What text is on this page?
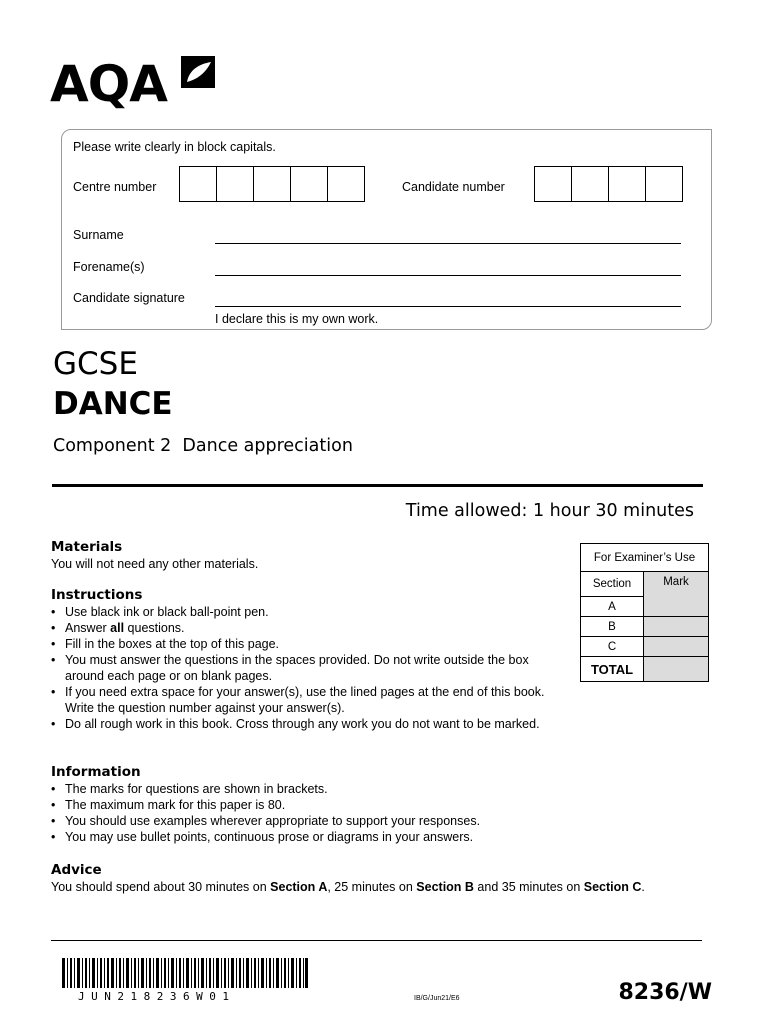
AQA
Please write clearly in block capitals.
Centre number	Candidate number
Surname
Forename(s)
Candidate signature
I declare this is my own work.
GCSE
DANCE
Component 2  Dance appreciation
Time allowed: 1 hour 30 minutes
For Examiner’s Use	
Section	Mark
A	
B	
C	
TOTAL	
Materials

You will not need any other materials.

Instructions
• Use black ink or black ball-point pen.
• Answer all questions.
• Fill in the boxes at the top of this page.
• You must answer the questions in the spaces provided. Do not write outside the box around each page or on blank pages.
• If you need extra space for your answer(s), use the lined pages at the end of this book. Write the question number against your answer(s).
• Do all rough work in this book. Cross through any work you do not want to be marked.
Information
• The marks for questions are shown in brackets.
• The maximum mark for this paper is 80.
• You should use examples wherever appropriate to support your responses.
• You may use bullet points, continuous prose or diagrams in your answers.
Advice

You should spend about 30 minutes on Section A, 25 minutes on Section B and 35 minutes on Section C.

JUN218236W01	IB/G/Jun21/E6	8236/W
